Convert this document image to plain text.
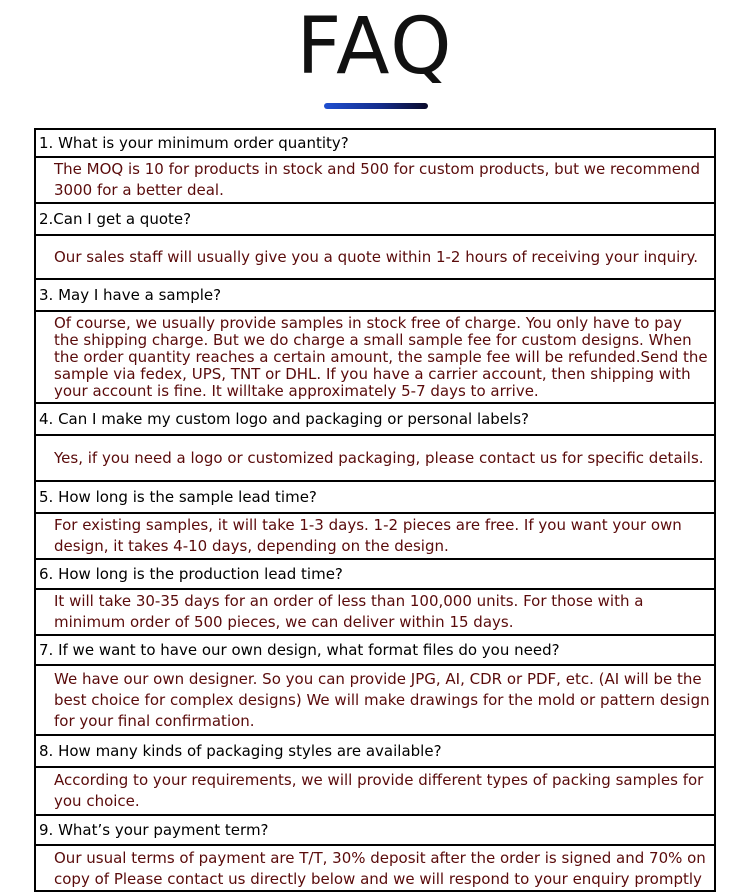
FAQ
1. What is your minimum order quantity?
The MOQ is 10 for products in stock and 500 for custom products, but we recommend 3000 for a better deal.
2.Can I get a quote?
Our sales staff will usually give you a quote within 1-2 hours of receiving your inquiry.
3. May I have a sample?
Of course, we usually provide samples in stock free of charge. You only have to pay the shipping charge. But we do charge a small sample fee for custom designs. When the order quantity reaches a certain amount, the sample fee will be refunded.Send the sample via fedex, UPS, TNT or DHL. If you have a carrier account, then shipping with your account is fine. It willtake approximately 5-7 days to arrive.
4. Can I make my custom logo and packaging or personal labels?
Yes, if you need a logo or customized packaging, please contact us for specific details.
5. How long is the sample lead time?
For existing samples, it will take 1-3 days. 1-2 pieces are free. If you want your own design, it takes 4-10 days, depending on the design.
6. How long is the production lead time?
It will take 30-35 days for an order of less than 100,000 units. For those with a minimum order of 500 pieces, we can deliver within 15 days.
7. If we want to have our own design, what format files do you need?
We have our own designer. So you can provide JPG, AI, CDR or PDF, etc. (AI will be the best choice for complex designs) We will make drawings for the mold or pattern design for your final confirmation.
8. How many kinds of packaging styles are available?
According to your requirements, we will provide different types of packing samples for you choice.
9. What’s your payment term?
Our usual terms of payment are T/T, 30% deposit after the order is signed and 70% on copy of Please contact us directly below and we will respond to your enquiry promptly
